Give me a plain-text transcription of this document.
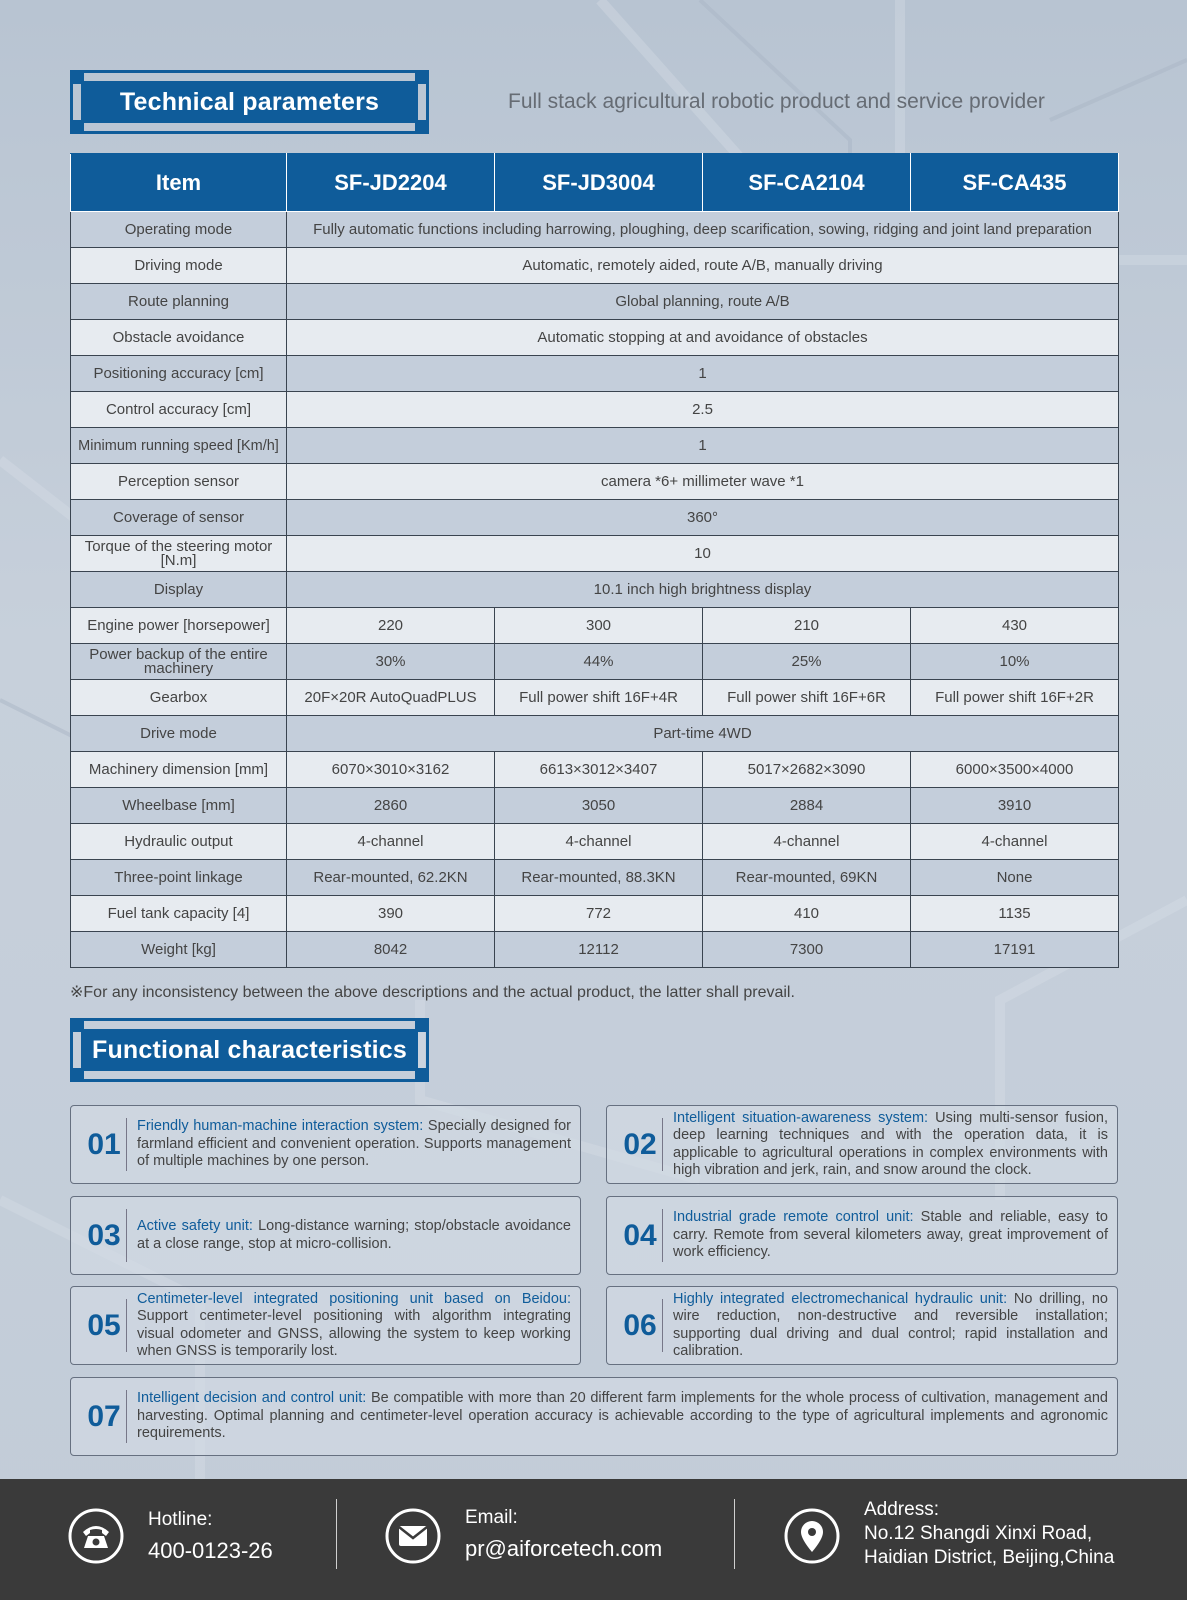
Technical parameters	Full stack agricultural robotic product and service provider
Item	SF-JD2204	SF-JD3004	SF-CA2104	SF-CA435
Operating mode	Fully automatic functions including harrowing, ploughing, deep scarification, sowing, ridging and joint land preparation			
Driving mode	Automatic, remotely aided, route A/B, manually driving			
Route planning	Global planning, route A/B			
Obstacle avoidance	Automatic stopping at and avoidance of obstacles			
Positioning accuracy [cm]	1			
Control accuracy [cm]	2.5			
Minimum running speed [Km/h]	1			
Perception sensor	camera *6+ millimeter wave *1			
Coverage of sensor	360°			
Torque of the steering motor [N.m]	10			
Display	10.1 inch high brightness display			
Engine power [horsepower]	220	300	210	430
Power backup of the entire machinery	30%	44%	25%	10%
Gearbox	20F×20R AutoQuadPLUS	Full power shift 16F+4R	Full power shift 16F+6R	Full power shift 16F+2R
Drive mode	Part-time 4WD			
Machinery dimension [mm]	6070×3010×3162	6613×3012×3407	5017×2682×3090	6000×3500×4000
Wheelbase [mm]	2860	3050	2884	3910
Hydraulic output	4-channel	4-channel	4-channel	4-channel
Three-point linkage	Rear-mounted, 62.2KN	Rear-mounted, 88.3KN	Rear-mounted, 69KN	None
Fuel tank capacity [4]	390	772	410	1135
Weight [kg]	8042	12112	7300	17191
※For any inconsistency between the above descriptions and the actual product, the latter shall prevail.
Functional characteristics
01

Friendly human-machine interaction system: Specially designed for farmland efficient and convenient operation. Supports management of multiple machines by one person.

02

Intelligent situation-awareness system: Using multi-sensor fusion, deep learning techniques and with the operation data, it is applicable to agricultural operations in complex environments with high vibration and jerk, rain, and snow around the clock.

03	Active safety unit: Long-distance warning; stop/obstacle avoidance at a close range, stop at micro-collision.	04

Industrial grade remote control unit: Stable and reliable, easy to carry. Remote from several kilometers away, great improvement of work efficiency.

05

Centimeter-level integrated positioning unit based on Beidou: Support centimeter-level positioning with algorithm integrating visual odometer and GNSS, allowing the system to keep working when GNSS is temporarily lost.

06

Highly integrated electromechanical hydraulic unit: No drilling, no wire reduction, non-destructive and reversible installation; supporting dual driving and dual control; rapid installation and calibration.

07

Intelligent decision and control unit: Be compatible with more than 20 different farm implements for the whole process of cultivation, management and harvesting. Optimal planning and centimeter-level operation accuracy is achievable according to the type of agricultural implements and agronomic requirements.

Hotline:
400-0123-26
Email:
pr@aiforcetech.com
Address:
No.12 Shangdi Xinxi Road,
Haidian District, Beijing,China
